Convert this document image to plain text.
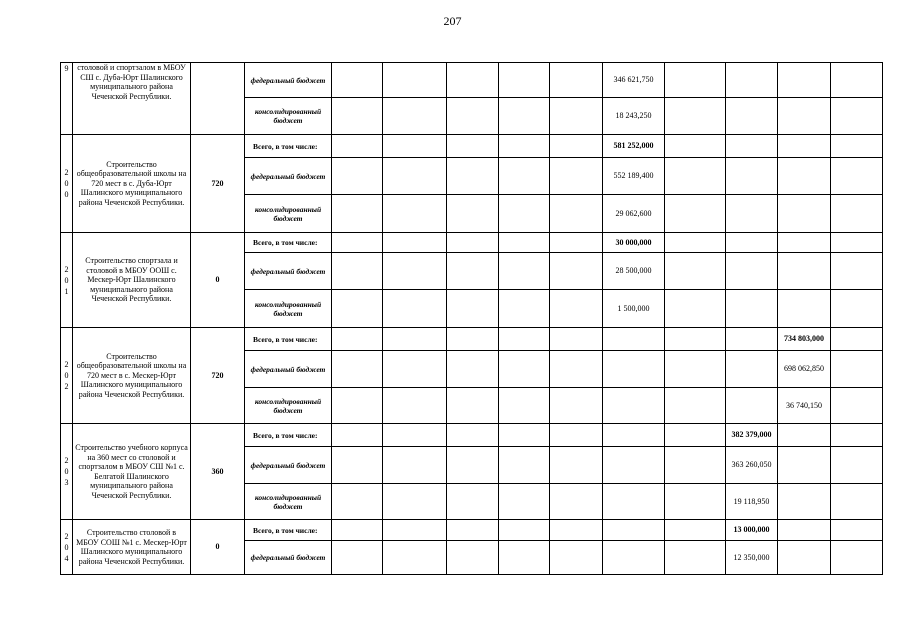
207
9	столовой и спортзалом в МБОУ СШ с. Дуба-Юрт Шалинского муниципального района Чеченской Республики.		федеральный бюджет						346 621,750				
			консолидированный бюджет						18 243,250				

2
0
0	Строительство общеобразовательной школы на 720 мест в с. Дуба-Юрт Шалинского муниципального района Чеченской Республики.	720	Всего, в том числе:						581 252,000				
			федеральный бюджет						552 189,400				
			консолидированный бюджет						29 062,600				

2
0
1	Строительство спортзала и столовой в МБОУ ООШ с. Мескер-Юрт Шалинского муниципального района Чеченской Республики.	0	Всего, в том числе:						30 000,000				
			федеральный бюджет						28 500,000				
			консолидированный бюджет						1 500,000				

2
0
2	Строительство общеобразовательной школы на 720 мест в с. Мескер-Юрт Шалинского муниципального района Чеченской Республики.	720	Всего, в том числе:									734 803,000	
			федеральный бюджет									698 062,850	
			консолидированный бюджет									36 740,150	

2
0
3	Строительство учебного корпуса на 360 мест со столовой и спортзалом в МБОУ СШ №1 с. Белгатой Шалинского муниципального района Чеченской Республики.	360	Всего, в том числе:								382 379,000		
			федеральный бюджет								363 260,050		
			консолидированный бюджет								19 118,950		

2
0
4	Строительство столовой в МБОУ СОШ №1 с. Мескер-Юрт Шалинского муниципального района Чеченской Республики.	0	Всего, в том числе:								13 000,000		
			федеральный бюджет								12 350,000		
